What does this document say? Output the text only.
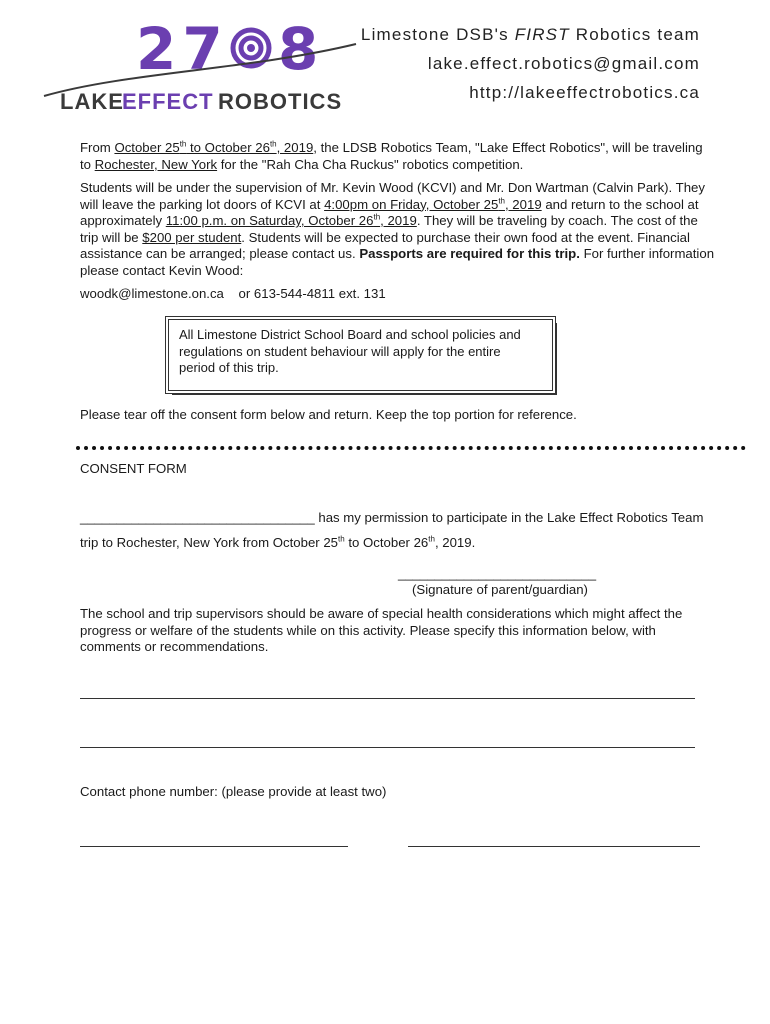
27 8
LAKE
EFFECT ROBOTICS
Limestone DSB's FIRST Robotics team
lake.effect.robotics@gmail.com
http://lakeeffectrobotics.ca
From October 25th to October 26th, 2019, the LDSB Robotics Team, "Lake Effect Robotics", will be traveling
to Rochester, New York for the "Rah Cha Cha Ruckus" robotics competition.
Students will be under the supervision of Mr. Kevin Wood (KCVI) and Mr. Don Wartman (Calvin Park). They
will leave the parking lot doors of KCVI at 4:00pm on Friday, October 25th, 2019 and return to the school at
approximately 11:00 p.m. on Saturday, October 26th, 2019. They will be traveling by coach. The cost of the
trip will be $200 per student. Students will be expected to purchase their own food at the event. Financial
assistance can be arranged; please contact us. Passports are required for this trip. For further information
please contact Kevin Wood:
woodk@limestone.on.ca or 613-544-4811 ext. 131

All Limestone District School Board and school policies and
regulations on student behaviour will apply for the entire
period of this trip.

Please tear off the consent form below and return. Keep the top portion for reference.
CONSENT FORM
________________________________ has my permission to participate in the Lake Effect Robotics Team
trip to Rochester, New York from October 25th to October 26th, 2019.
___________________________
(Signature of parent/guardian)
The school and trip supervisors should be aware of special health considerations which might affect the
progress or welfare of the students while on this activity. Please specify this information below, with
comments or recommendations.
Contact phone number: (please provide at least two)
